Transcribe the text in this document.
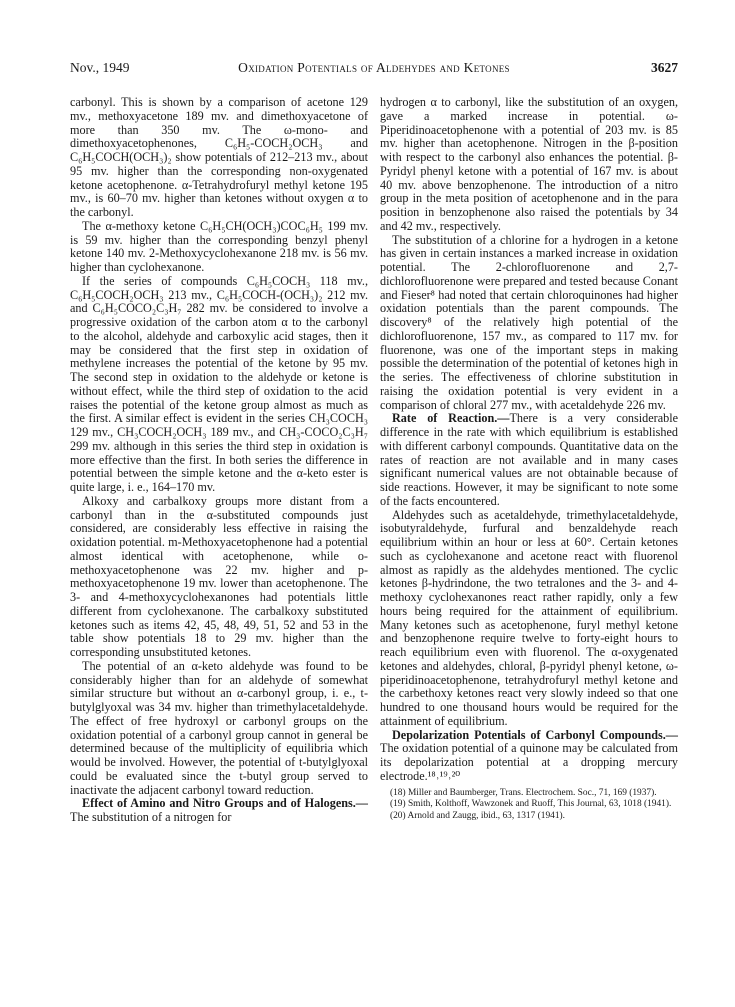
Nov., 1949	Oxidation Potentials of Aldehydes and Ketones	3627

carbonyl. This is shown by a comparison of acetone 129 mv., methoxyacetone 189 mv. and dimethoxyacetone of more than 350 mv. The ω-mono- and dimethoxyacetophenones, C₆H₅-COCH₂OCH₃ and C₆H₅COCH(OCH₃)₂ show potentials of 212–213 mv., about 95 mv. higher than the corresponding non-oxygenated ketone acetophenone. α-Tetrahydrofuryl methyl ketone 195 mv., is 60–70 mv. higher than ketones without oxygen α to the carbonyl.

The α-methoxy ketone C₆H₅CH(OCH₃)COC₆H₅ 199 mv. is 59 mv. higher than the corresponding benzyl phenyl ketone 140 mv. 2-Methoxycyclohexanone 218 mv. is 56 mv. higher than cyclohexanone.

If the series of compounds C₆H₅COCH₃ 118 mv., C₆H₅COCH₂OCH₃ 213 mv., C₆H₅COCH-(OCH₃)₂ 212 mv. and C₆H₅COCO₂C₃H₇ 282 mv. be considered to involve a progressive oxidation of the carbon atom α to the carbonyl to the alcohol, aldehyde and carboxylic acid stages, then it may be considered that the first step in oxidation of methylene increases the potential of the ketone by 95 mv. The second step in oxidation to the aldehyde or ketone is without effect, while the third step of oxidation to the acid raises the potential of the ketone group almost as much as the first. A similar effect is evident in the series CH₃COCH₃ 129 mv., CH₃COCH₂OCH₃ 189 mv., and CH₃-COCO₂C₃H₇ 299 mv. although in this series the third step in oxidation is more effective than the first. In both series the difference in potential between the simple ketone and the α-keto ester is quite large, i. e., 164–170 mv.

Alkoxy and carbalkoxy groups more distant from a carbonyl than in the α-substituted compounds just considered, are considerably less effective in raising the oxidation potential. m-Methoxyacetophenone had a potential almost identical with acetophenone, while o-methoxyacetophenone was 22 mv. higher and p-methoxyacetophenone 19 mv. lower than acetophenone. The 3- and 4-methoxycyclohexanones had potentials little different from cyclohexanone. The carbalkoxy substituted ketones such as items 42, 45, 48, 49, 51, 52 and 53 in the table show potentials 18 to 29 mv. higher than the corresponding unsubstituted ketones.

The potential of an α-keto aldehyde was found to be considerably higher than for an aldehyde of somewhat similar structure but without an α-carbonyl group, i. e., t-butylglyoxal was 34 mv. higher than trimethylacetaldehyde. The effect of free hydroxyl or carbonyl groups on the oxidation potential of a carbonyl group cannot in general be determined because of the multiplicity of equilibria which would be involved. However, the potential of t-butylglyoxal could be evaluated since the t-butyl group served to inactivate the adjacent carbonyl toward reduction.

Effect of Amino and Nitro Groups and of Halogens.—The substitution of a nitrogen for

hydrogen α to carbonyl, like the substitution of an oxygen, gave a marked increase in potential. ω-Piperidinoacetophenone with a potential of 203 mv. is 85 mv. higher than acetophenone. Nitrogen in the β-position with respect to the carbonyl also enhances the potential. β-Pyridyl phenyl ketone with a potential of 167 mv. is about 40 mv. above benzophenone. The introduction of a nitro group in the meta position of acetophenone and in the para position in benzophenone also raised the potentials by 34 and 42 mv., respectively.

The substitution of a chlorine for a hydrogen in a ketone has given in certain instances a marked increase in oxidation potential. The 2-chlorofluorenone and 2,7-dichlorofluorenone were prepared and tested because Conant and Fieser⁸ had noted that certain chloroquinones had higher oxidation potentials than the parent compounds. The discovery⁸ of the relatively high potential of the dichlorofluorenone, 157 mv., as compared to 117 mv. for fluorenone, was one of the important steps in making possible the determination of the potential of ketones high in the series. The effectiveness of chlorine substitution in raising the oxidation potential is very evident in a comparison of chloral 277 mv., with acetaldehyde 226 mv.

Rate of Reaction.—There is a very considerable difference in the rate with which equilibrium is established with different carbonyl compounds. Quantitative data on the rates of reaction are not available and in many cases significant numerical values are not obtainable because of side reactions. However, it may be significant to note some of the facts encountered.

Aldehydes such as acetaldehyde, trimethylacetaldehyde, isobutyraldehyde, furfural and benzaldehyde reach equilibrium within an hour or less at 60°. Certain ketones such as cyclohexanone and acetone react with fluorenol almost as rapidly as the aldehydes mentioned. The cyclic ketones β-hydrindone, the two tetralones and the 3- and 4-methoxy cyclohexanones react rather rapidly, only a few hours being required for the attainment of equilibrium. Many ketones such as acetophenone, furyl methyl ketone and benzophenone require twelve to forty-eight hours to reach equilibrium even with fluorenol. The α-oxygenated ketones and aldehydes, chloral, β-pyridyl phenyl ketone, ω-piperidinoacetophenone, tetrahydrofuryl methyl ketone and the carbethoxy ketones react very slowly indeed so that one hundred to one thousand hours would be required for the attainment of equilibrium.

Depolarization Potentials of Carbonyl Compounds.—The oxidation potential of a quinone may be calculated from its depolarization potential at a dropping mercury electrode.¹⁸˒¹⁹˒²⁰

(18) Miller and Baumberger, Trans. Electrochem. Soc., 71, 169 (1937).

(19) Smith, Kolthoff, Wawzonek and Ruoff, This Journal, 63, 1018 (1941).

(20) Arnold and Zaugg, ibid., 63, 1317 (1941).
